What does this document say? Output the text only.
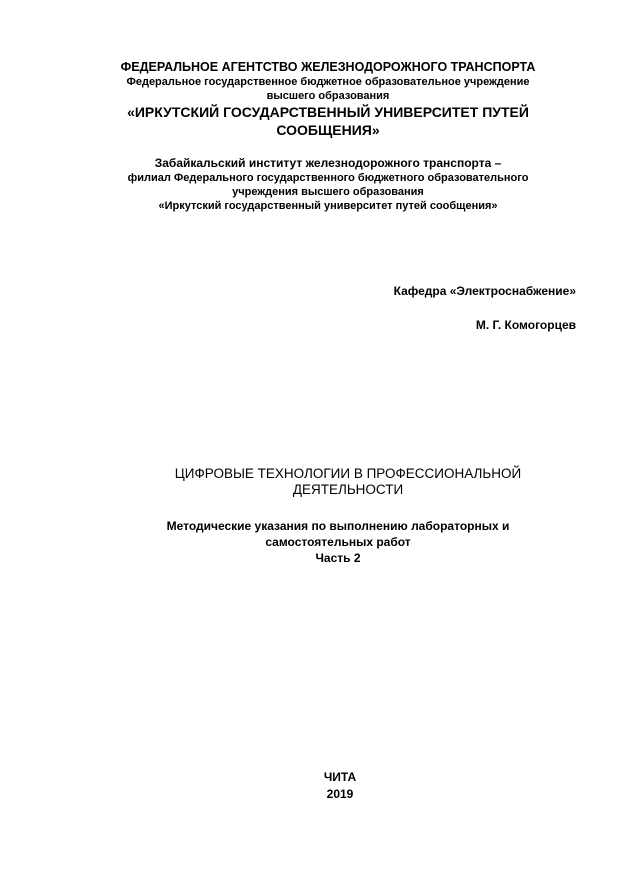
ФЕДЕРАЛЬНОЕ АГЕНТСТВО ЖЕЛЕЗНОДОРОЖНОГО ТРАНСПОРТА
Федеральное государственное бюджетное образовательное учреждение
высшего образования
«ИРКУТСКИЙ ГОСУДАРСТВЕННЫЙ УНИВЕРСИТЕТ ПУТЕЙ
СООБЩЕНИЯ»
Забайкальский институт железнодорожного транспорта –
филиал Федерального государственного бюджетного образовательного
учреждения высшего образования
«Иркутский государственный университет путей сообщения»
Кафедра «Электроснабжение»
М. Г. Комогорцев
ЦИФРОВЫЕ ТЕХНОЛОГИИ В ПРОФЕССИОНАЛЬНОЙ
ДЕЯТЕЛЬНОСТИ
Методические указания по выполнению лабораторных и
самостоятельных работ
Часть 2
ЧИТА
2019
